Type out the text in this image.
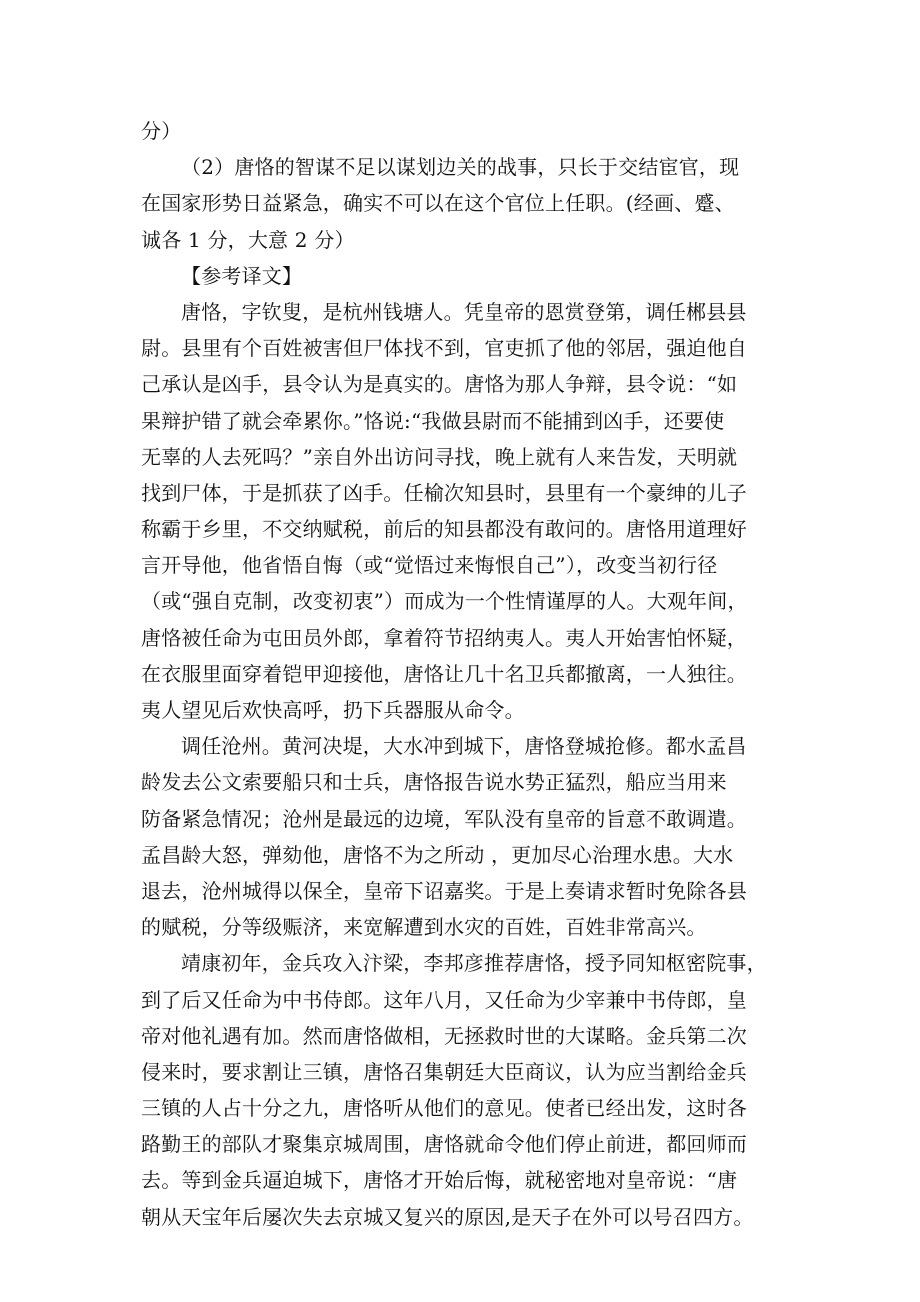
分）
（2）唐恪的智谋不足以谋划边关的战事，只长于交结宦官，现
在国家形势日益紧急，确实不可以在这个官位上任职。(经画、蹙、
诚各 1 分，大意 2 分）
【参考译文】
唐恪，字钦叟，是杭州钱塘人。凭皇帝的恩赏登第，调任郴县县
尉。县里有个百姓被害但尸体找不到，官吏抓了他的邻居，强迫他自
己承认是凶手，县令认为是真实的。唐恪为那人争辩，县令说：“如
果辩护错了就会牵累你。”恪说:“我做县尉而不能捕到凶手，还要使
无辜的人去死吗？”亲自外出访问寻找，晚上就有人来告发，天明就
找到尸体，于是抓获了凶手。任榆次知县时，县里有一个豪绅的儿子
称霸于乡里，不交纳赋税，前后的知县都没有敢问的。唐恪用道理好
言开导他，他省悟自悔（或“觉悟过来悔恨自己”），改变当初行径
（或“强自克制，改变初衷”）而成为一个性情谨厚的人。大观年间，
唐恪被任命为屯田员外郎，拿着符节招纳夷人。夷人开始害怕怀疑，
在衣服里面穿着铠甲迎接他，唐恪让几十名卫兵都撤离，一人独往。
夷人望见后欢快高呼，扔下兵器服从命令。
调任沧州。黄河决堤，大水冲到城下，唐恪登城抢修。都水孟昌
龄发去公文索要船只和士兵，唐恪报告说水势正猛烈，船应当用来
防备紧急情况；沧州是最远的边境，军队没有皇帝的旨意不敢调遣。
孟昌龄大怒，弹劾他，唐恪不为之所动 ，更加尽心治理水患。大水
退去，沧州城得以保全，皇帝下诏嘉奖。于是上奏请求暂时免除各县
的赋税，分等级赈济，来宽解遭到水灾的百姓，百姓非常高兴。
靖康初年，金兵攻入汴梁，李邦彦推荐唐恪，授予同知枢密院事，
到了后又任命为中书侍郎。这年八月，又任命为少宰兼中书侍郎，皇
帝对他礼遇有加。然而唐恪做相，无拯救时世的大谋略。金兵第二次
侵来时，要求割让三镇，唐恪召集朝廷大臣商议，认为应当割给金兵
三镇的人占十分之九，唐恪听从他们的意见。使者已经出发，这时各
路勤王的部队才聚集京城周围，唐恪就命令他们停止前进，都回师而
去。等到金兵逼迫城下，唐恪才开始后悔，就秘密地对皇帝说：“唐
朝从天宝年后屡次失去京城又复兴的原因,是天子在外可以号召四方。
